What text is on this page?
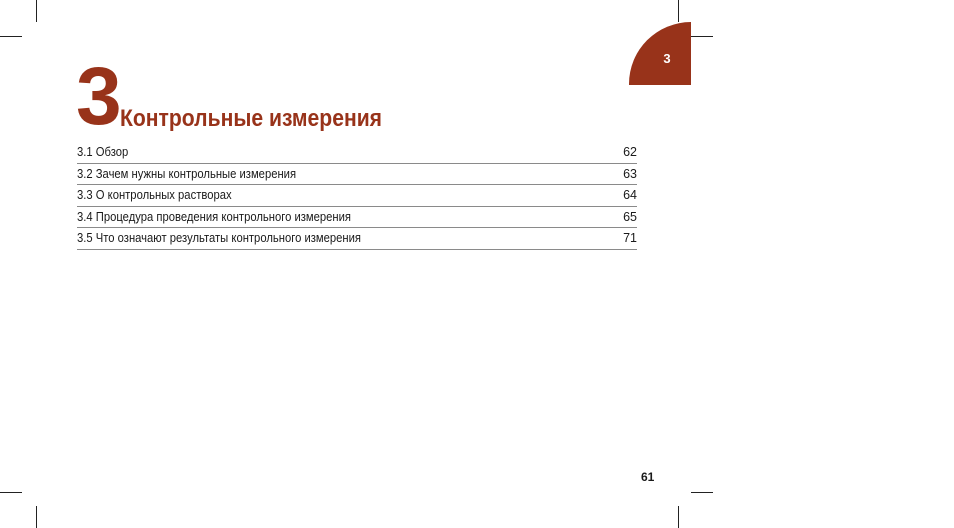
3
3 Контрольные измерения
3.1 Обзор	62
3.2 Зачем нужны контрольные измерения	63
3.3 О контрольных растворах	64
3.4 Процедура проведения контрольного измерения	65
3.5 Что означают результаты контрольного измерения	71
61
